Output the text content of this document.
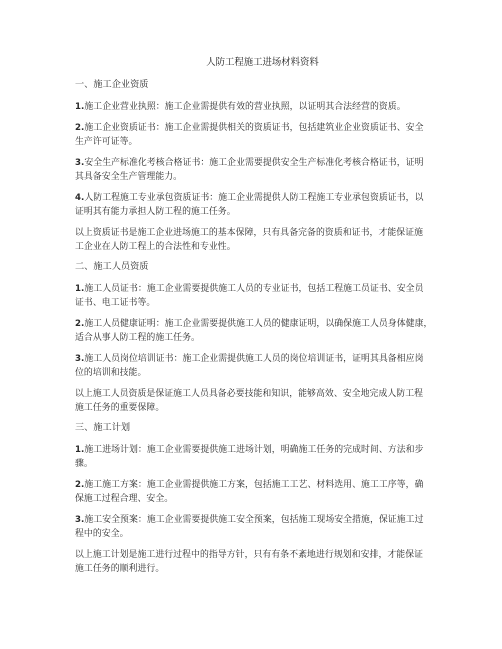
人防工程施工进场材料资料
一、施工企业资质
1.施工企业营业执照：施工企业需提供有效的营业执照，以证明其合法经营的资质。
2.施工企业资质证书：施工企业需提供相关的资质证书，包括建筑业企业资质证书、安全
生产许可证等。
3.安全生产标准化考核合格证书：施工企业需要提供安全生产标准化考核合格证书，证明
其具备安全生产管理能力。
4.人防工程施工专业承包资质证书：施工企业需提供人防工程施工专业承包资质证书，以
证明其有能力承担人防工程的施工任务。
以上资质证书是施工企业进场施工的基本保障，只有具备完备的资质和证书，才能保证施
工企业在人防工程上的合法性和专业性。
二、施工人员资质
1.施工人员证书：施工企业需要提供施工人员的专业证书，包括工程施工员证书、安全员
证书、电工证书等。
2.施工人员健康证明：施工企业需要提供施工人员的健康证明，以确保施工人员身体健康，
适合从事人防工程的施工任务。
3.施工人员岗位培训证书：施工企业需提供施工人员的岗位培训证书，证明其具备相应岗
位的培训和技能。
以上施工人员资质是保证施工人员具备必要技能和知识，能够高效、安全地完成人防工程
施工任务的重要保障。
三、施工计划
1.施工进场计划：施工企业需要提供施工进场计划，明确施工任务的完成时间、方法和步
骤。
2.施工施工方案：施工企业需提供施工方案，包括施工工艺、材料选用、施工工序等，确
保施工过程合理、安全。
3.施工安全预案：施工企业需要提供施工安全预案，包括施工现场安全措施，保证施工过
程中的安全。
以上施工计划是施工进行过程中的指导方针，只有有条不紊地进行规划和安排，才能保证
施工任务的顺利进行。
